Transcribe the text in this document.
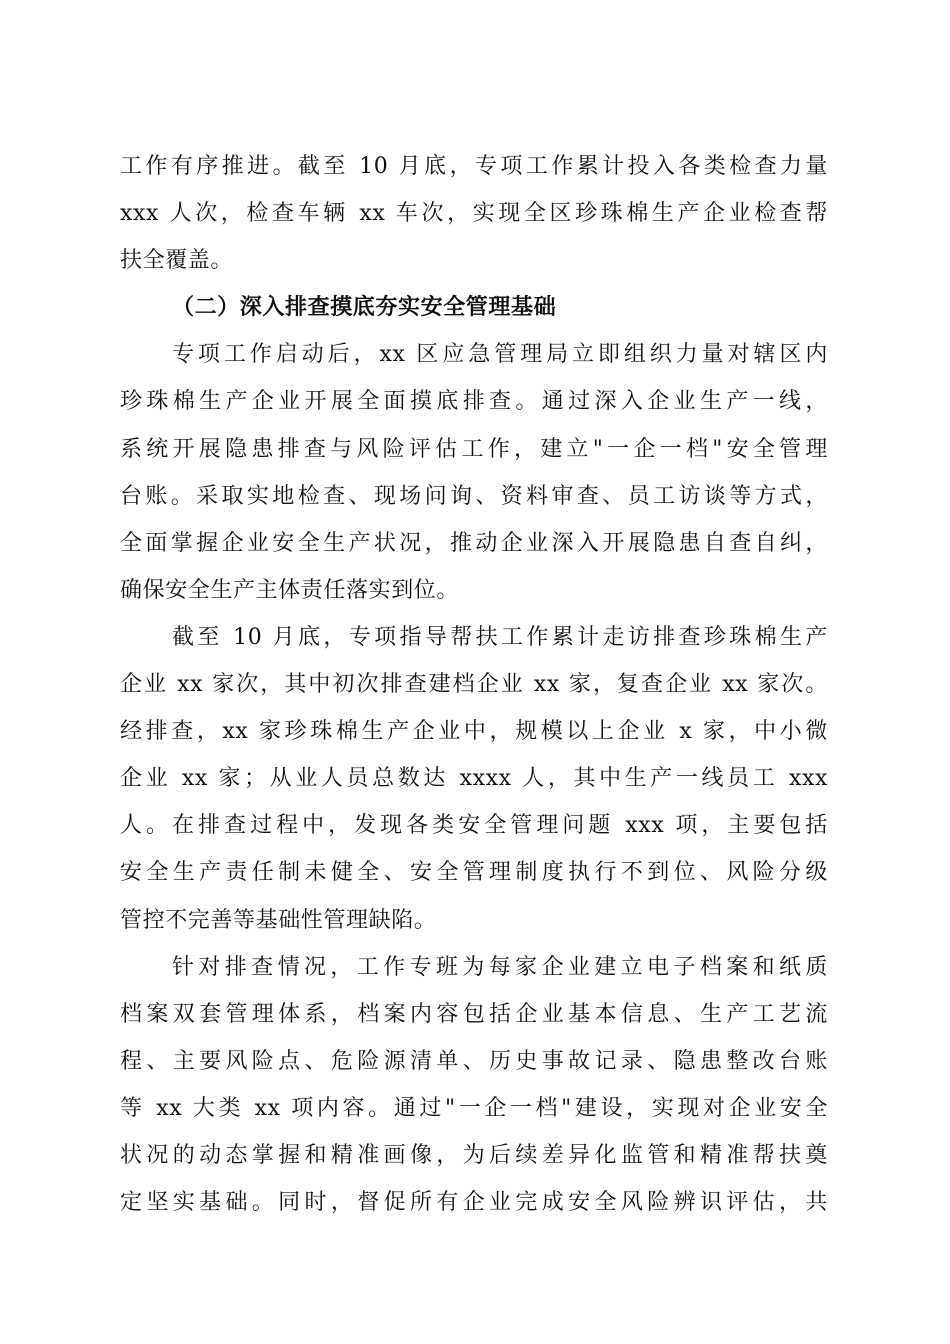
工作有序推进。截至 10 月底，专项工作累计投入各类检查力量
xxx 人次，检查车辆 xx 车次，实现全区珍珠棉生产企业检查帮
扶全覆盖。
（二）深入排查摸底夯实安全管理基础
专项工作启动后，xx 区应急管理局立即组织力量对辖区内
珍珠棉生产企业开展全面摸底排查。通过深入企业生产一线，
系统开展隐患排查与风险评估工作，建立"一企一档"安全管理
台账。采取实地检查、现场问询、资料审查、员工访谈等方式，
全面掌握企业安全生产状况，推动企业深入开展隐患自查自纠，
确保安全生产主体责任落实到位。
截至 10 月底，专项指导帮扶工作累计走访排查珍珠棉生产
企业 xx 家次，其中初次排查建档企业 xx 家，复查企业 xx 家次。
经排查，xx 家珍珠棉生产企业中，规模以上企业 x 家，中小微
企业 xx 家；从业人员总数达 xxxx 人，其中生产一线员工 xxx
人。在排查过程中，发现各类安全管理问题 xxx 项，主要包括
安全生产责任制未健全、安全管理制度执行不到位、风险分级
管控不完善等基础性管理缺陷。
针对排查情况，工作专班为每家企业建立电子档案和纸质
档案双套管理体系，档案内容包括企业基本信息、生产工艺流
程、主要风险点、危险源清单、历史事故记录、隐患整改台账
等 xx 大类 xx 项内容。通过"一企一档"建设，实现对企业安全
状况的动态掌握和精准画像，为后续差异化监管和精准帮扶奠
定坚实基础。同时，督促所有企业完成安全风险辨识评估，共
